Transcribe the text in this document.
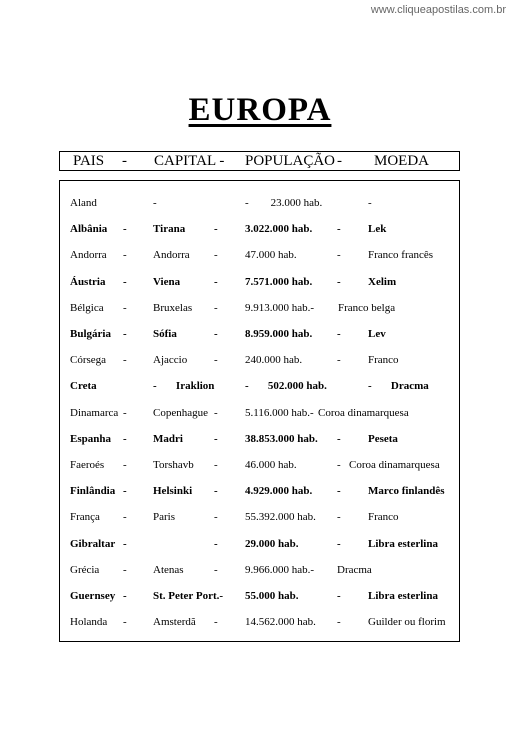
www.cliqueapostilas.com.br
EUROPA
PAIS - CAPITAL - POPULAÇÃO - MOEDA
Aland	-	-        23.000 hab.	-
Albânia - Tirana	- 3.022.000 hab. - Lek
Andorra - Andorra - 47.000 hab.	- Franco francês
Áustria - Viena	- 7.571.000 hab. - Xelim
Bélgica - Bruxelas - 9.913.000 hab.- Franco belga
Bulgária - Sófia	- 8.959.000 hab. - Lev
Córsega - Ajaccio - 240.000 hab.	- Franco
Creta	-       Iraklion	-       502.000 hab.	-       Dracma
Dinamarca - Copenhague - 5.116.000 hab.- Coroa dinamarquesa
Espanha - Madri	- 38.853.000 hab. - Peseta
Faeroés - Torshavb - 46.000 hab.	- Coroa dinamarquesa
Finlândia - Helsinki - 4.929.000 hab. - Marco finlandês
França - Paris	- 55.392.000 hab. - Franco
Gibraltar -	- 29.000 hab.	- Libra esterlina
Grécia - Atenas	- 9.966.000 hab.- Dracma
Guernsey - St. Peter Port.- 55.000 hab.	- Libra esterlina
Holanda - Amsterdã - 14.562.000 hab. - Guilder ou florim
